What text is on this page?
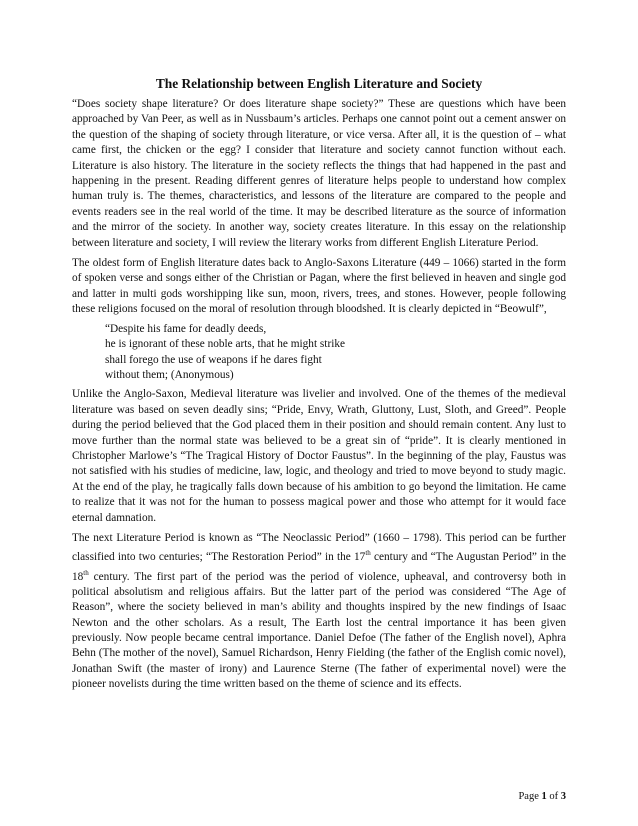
The Relationship between English Literature and Society

“Does society shape literature? Or does literature shape society?” These are questions which have been approached by Van Peer, as well as in Nussbaum’s articles. Perhaps one cannot point out a cement answer on the question of the shaping of society through literature, or vice versa. After all, it is the question of – what came first, the chicken or the egg? I consider that literature and society cannot function without each. Literature is also history. The literature in the society reflects the things that had happened in the past and happening in the present. Reading different genres of literature helps people to understand how complex human truly is. The themes, characteristics, and lessons of the literature are compared to the people and events readers see in the real world of the time. It may be described literature as the source of information and the mirror of the society. In another way, society creates literature. In this essay on the relationship between literature and society, I will review the literary works from different English Literature Period.

The oldest form of English literature dates back to Anglo-Saxons Literature (449 – 1066) started in the form of spoken verse and songs either of the Christian or Pagan, where the first believed in heaven and single god and latter in multi gods worshipping like sun, moon, rivers, trees, and stones. However, people following these religions focused on the moral of resolution through bloodshed. It is clearly depicted in “Beowulf”,

“Despite his fame for deadly deeds,
he is ignorant of these noble arts, that he might strike
shall forego the use of weapons if he dares fight
without them; (Anonymous)

Unlike the Anglo-Saxon, Medieval literature was livelier and involved. One of the themes of the medieval literature was based on seven deadly sins; “Pride, Envy, Wrath, Gluttony, Lust, Sloth, and Greed”. People during the period believed that the God placed them in their position and should remain content. Any lust to move further than the normal state was believed to be a great sin of “pride”. It is clearly mentioned in Christopher Marlowe’s “The Tragical History of Doctor Faustus”. In the beginning of the play, Faustus was not satisfied with his studies of medicine, law, logic, and theology and tried to move beyond to study magic. At the end of the play, he tragically falls down because of his ambition to go beyond the limitation. He came to realize that it was not for the human to possess magical power and those who attempt for it would face eternal damnation.

The next Literature Period is known as “The Neoclassic Period” (1660 – 1798). This period can be further classified into two centuries; “The Restoration Period” in the 17th century and “The Augustan Period” in the 18th century. The first part of the period was the period of violence, upheaval, and controversy both in political absolutism and religious affairs. But the latter part of the period was considered “The Age of Reason”, where the society believed in man’s ability and thoughts inspired by the new findings of Isaac Newton and the other scholars. As a result, The Earth lost the central importance it has been given previously. Now people became central importance. Daniel Defoe (The father of the English novel), Aphra Behn (The mother of the novel), Samuel Richardson, Henry Fielding (the father of the English comic novel), Jonathan Swift (the master of irony) and Laurence Sterne (The father of experimental novel) were the pioneer novelists during the time written based on the theme of science and its effects.

Page 1 of 3
